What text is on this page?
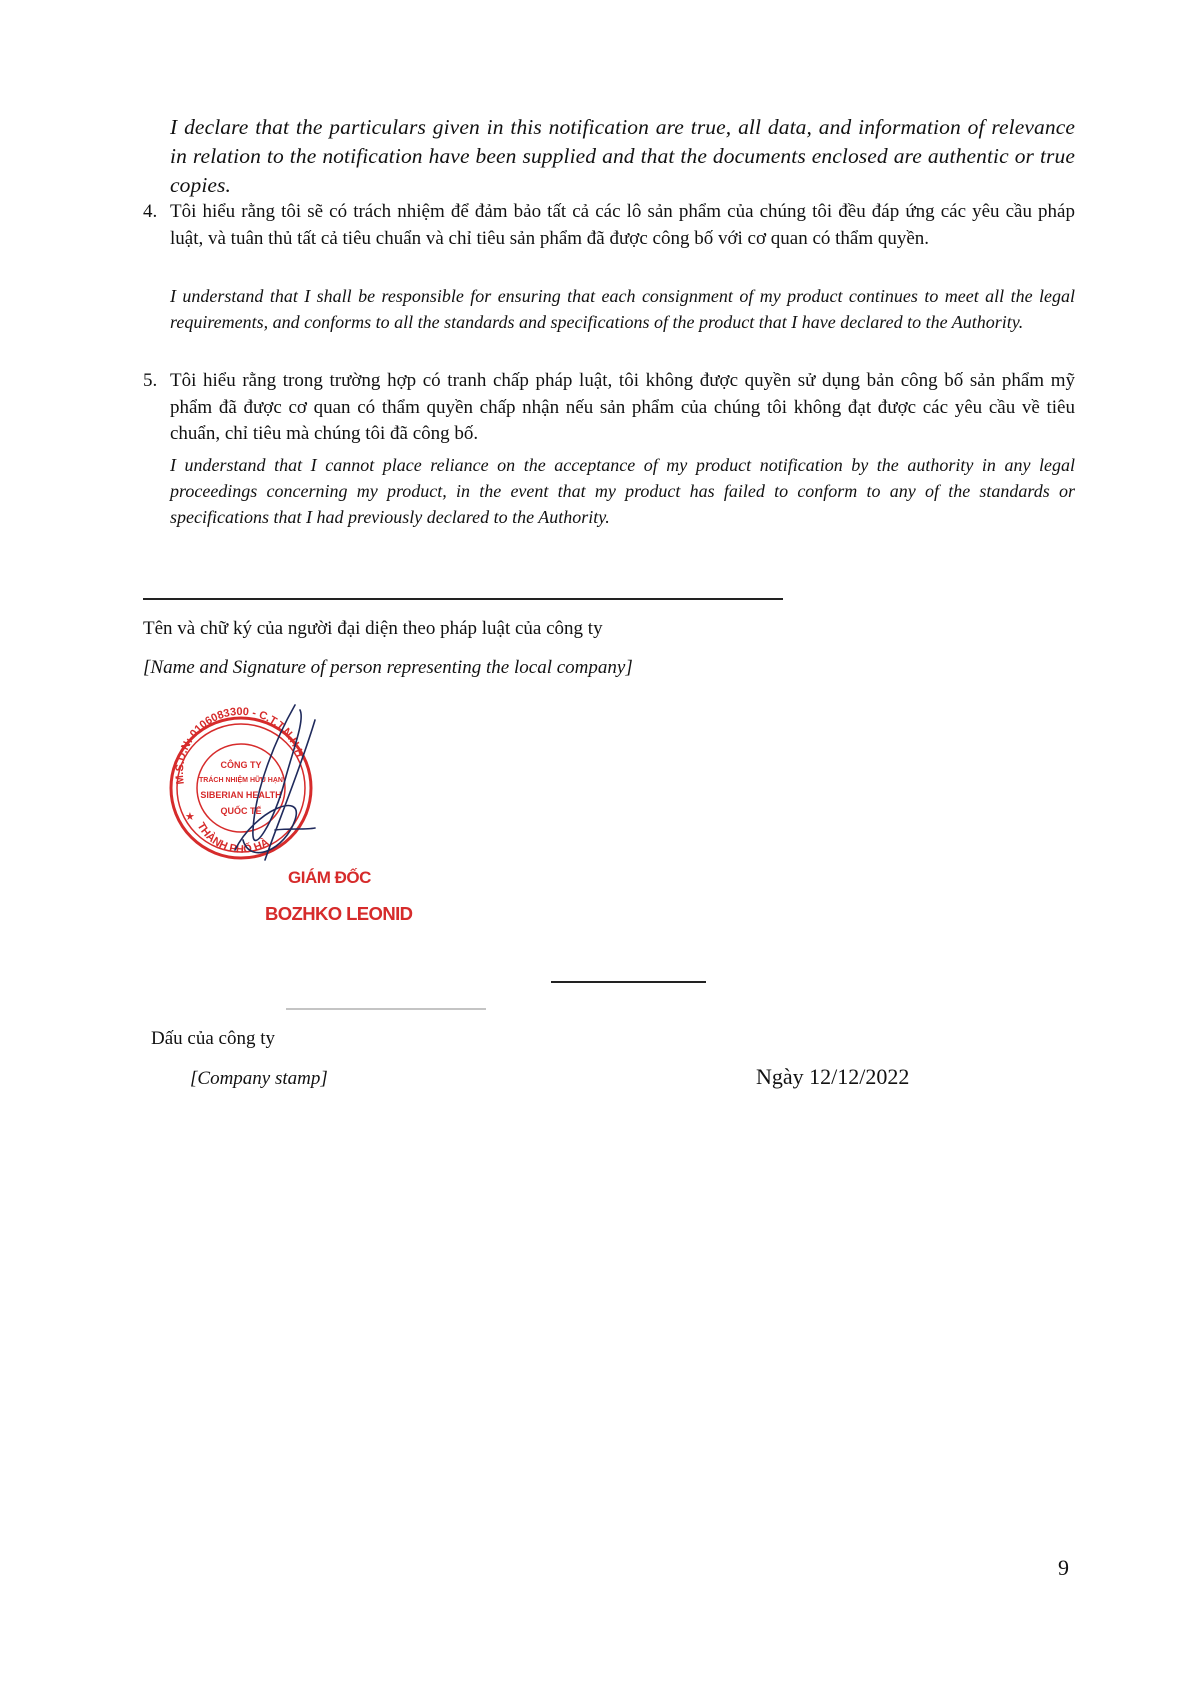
I declare that the particulars given in this notification are true, all data, and information of relevance in relation to the notification have been supplied and that the documents enclosed are authentic or true copies.
4. Tôi hiểu rằng tôi sẽ có trách nhiệm để đảm bảo tất cả các lô sản phẩm của chúng tôi đều đáp ứng các yêu cầu pháp luật, và tuân thủ tất cả tiêu chuẩn và chỉ tiêu sản phẩm đã được công bố với cơ quan có thẩm quyền.
I understand that I shall be responsible for ensuring that each consignment of my product continues to meet all the legal requirements, and conforms to all the standards and specifications of the product that I have declared to the Authority.
5. Tôi hiểu rằng trong trường hợp có tranh chấp pháp luật, tôi không được quyền sử dụng bản công bố sản phẩm mỹ phẩm đã được cơ quan có thẩm quyền chấp nhận nếu sản phẩm của chúng tôi không đạt được các yêu cầu về tiêu chuẩn, chỉ tiêu mà chúng tôi đã công bố.
I understand that I cannot place reliance on the acceptance of my product notification by the authority in any legal proceedings concerning my product, in the event that my product has failed to conform to any of the standards or specifications that I had previously declared to the Authority.
Tên và chữ ký của người đại diện theo pháp luật của công ty
[Name and Signature of person representing the local company]
M.S.D.N: 0106083300 - C.T.T.N.H.H
THÀNH PHỐ HÀ
★
CÔNG TY
TRÁCH NHIỆM HỮU HẠN
SIBERIAN HEALTH
QUỐC TẾ
GIÁM ĐỐC
BOZHKO LEONID
Dấu của công ty
[Company stamp]	Ngày 12/12/2022
9
